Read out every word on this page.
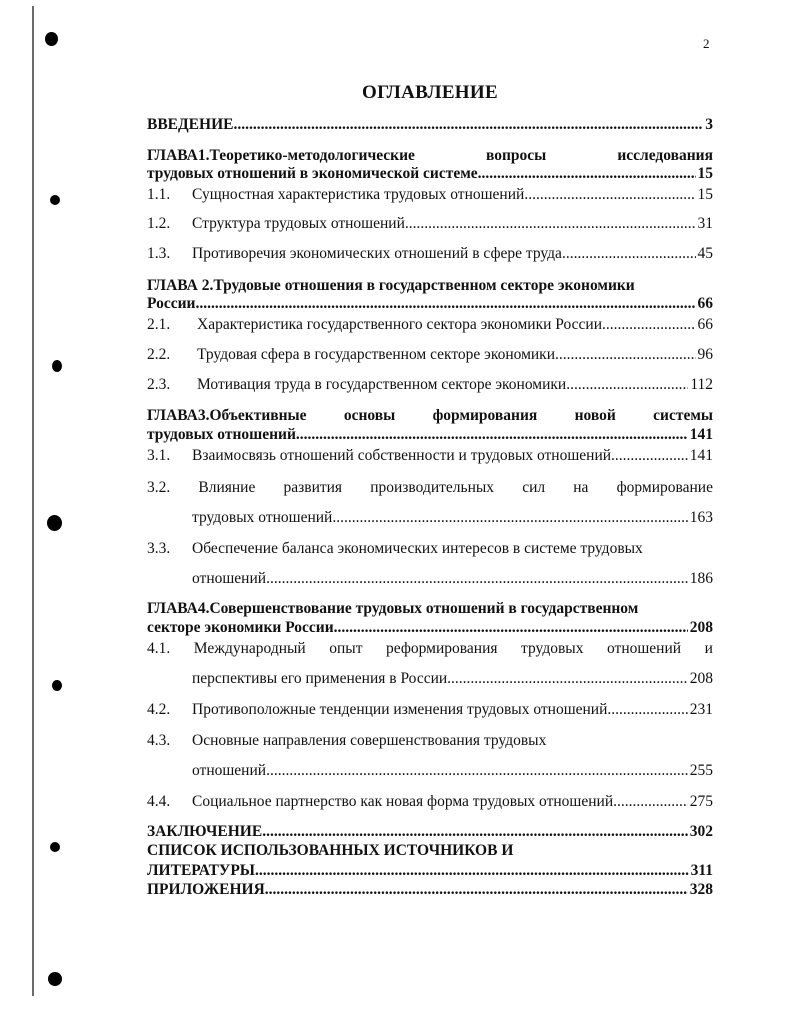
2
ОГЛАВЛЕНИЕ
ВВЕДЕНИЕ .....	3
ГЛАВА1.Теоретико-методологические	вопросы	исследования
трудовых отношений в экономической системе .....	15
1.1. Сущностная характеристика трудовых отношений .....	15
1.2. Структура трудовых отношений .....	31
1.3. Противоречия экономических отношений в сфере труда .....	45
ГЛАВА 2.Трудовые отношения в государственном секторе экономики
России .....	66
2.1. Характеристика государственного сектора экономики России .....	66
2.2. Трудовая сфера в государственном секторе экономики .....	96
2.3. Мотивация труда в государственном секторе экономики .....	112
ГЛАВА3.Объективные основы формирования новой системы
трудовых отношений .....	141
3.1. Взаимосвязь отношений собственности и трудовых отношений .....	141
3.2. Влияние развития производительных сил на формирование
трудовых отношений .....	163
3.3. Обеспечение баланса экономических интересов в системе трудовых
отношений .....	186
ГЛАВА4.Совершенствование трудовых отношений в государственном
секторе экономики России .....	208
4.1. Международный опыт реформирования трудовых отношений и
перспективы его применения в России .....	208
4.2. Противоположные тенденции изменения трудовых отношений .....	231
4.3. Основные направления совершенствования трудовых
отношений .....	255
4.4. Социальное партнерство как новая форма трудовых отношений .....	275
ЗАКЛЮЧЕНИЕ .....	302
СПИСОК ИСПОЛЬЗОВАННЫХ ИСТОЧНИКОВ И
ЛИТЕРАТУРЫ .....	311
ПРИЛОЖЕНИЯ .....	328
